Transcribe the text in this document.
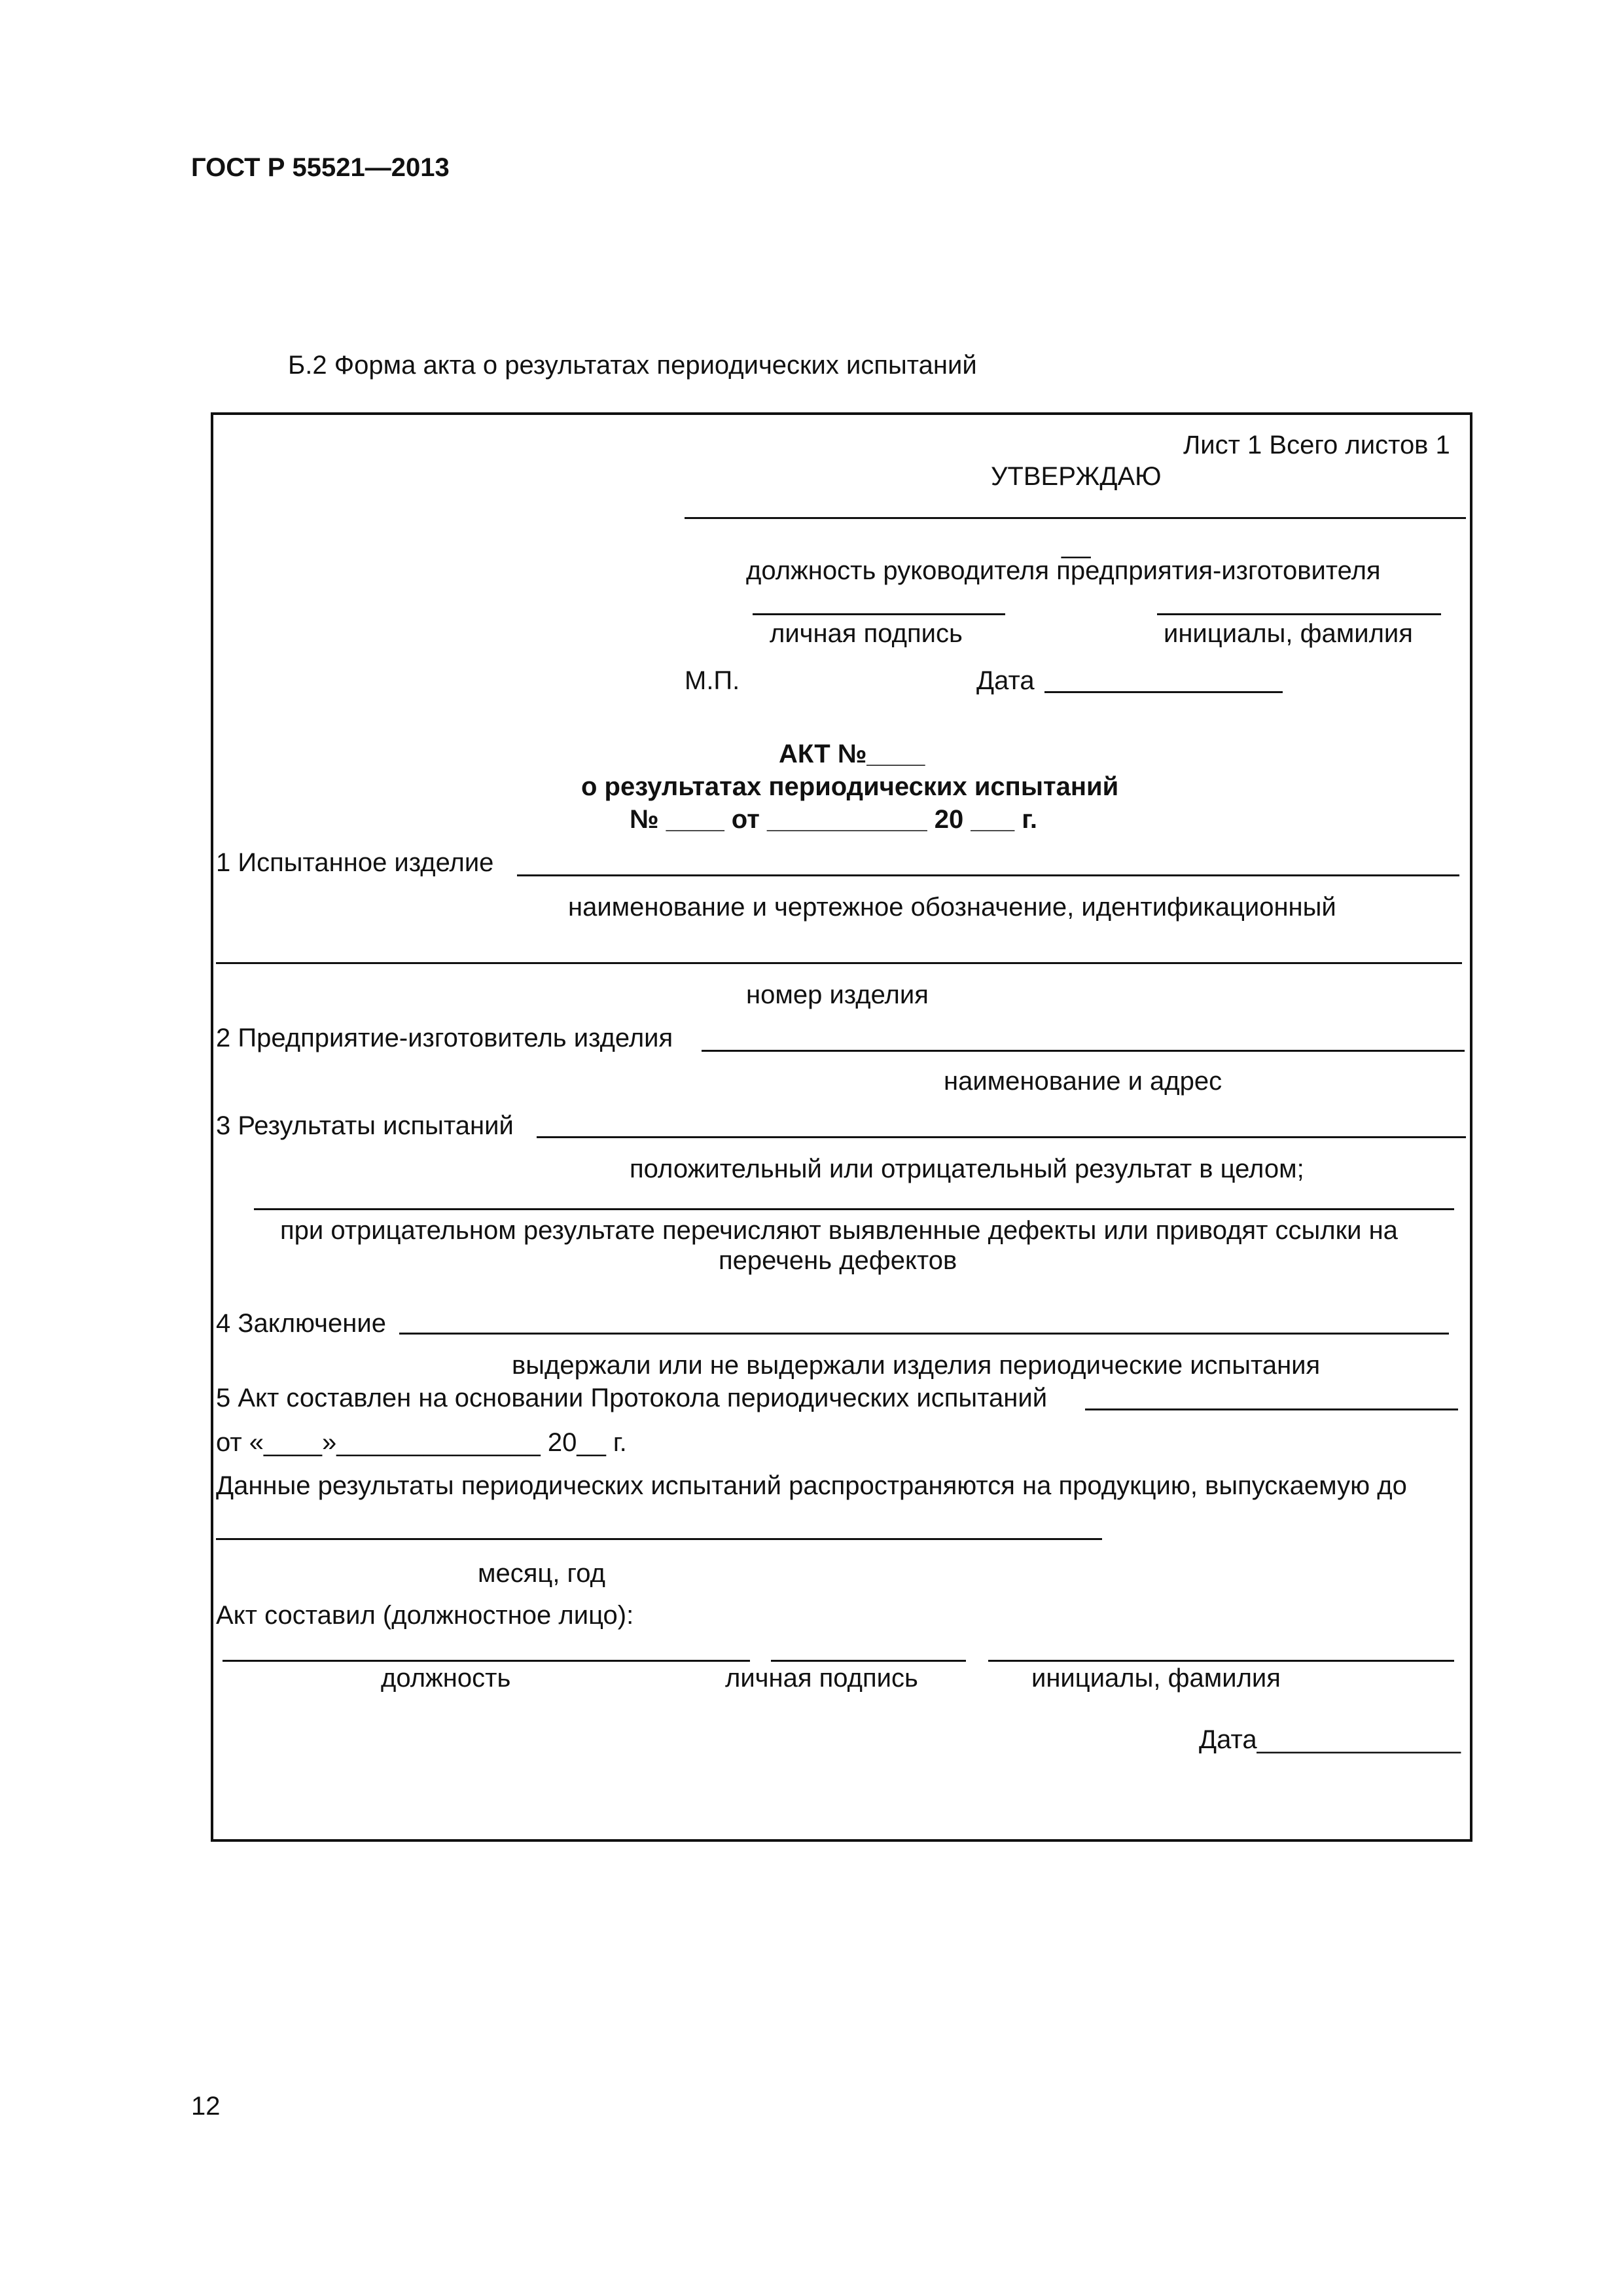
ГОСТ Р 55521—2013
Б.2 Форма акта о результатах периодических испытаний
Лист 1 Всего листов 1
УТВЕРЖДАЮ
__
должность руководителя предприятия-изготовителя
личная подпись	инициалы, фамилия
М.П.	Дата
АКТ №____
о результатах периодических испытаний
№ ____ от ___________ 20 ___ г.
1 Испытанное изделие
наименование и чертежное обозначение, идентификационный
номер изделия
2 Предприятие-изготовитель изделия
наименование и адрес
3 Результаты испытаний
положительный или отрицательный результат в целом;
при отрицательном результате перечисляют выявленные дефекты или приводят ссылки на
перечень дефектов
4 Заключение
выдержали или не выдержали изделия периодические испытания
5 Акт составлен на основании Протокола периодических испытаний
от «____»______________ 20__ г.
Данные результаты периодических испытаний распространяются на продукцию, выпускаемую до
месяц, год
Акт составил (должностное лицо):
должность	личная подпись	инициалы, фамилия
Дата______________
12
